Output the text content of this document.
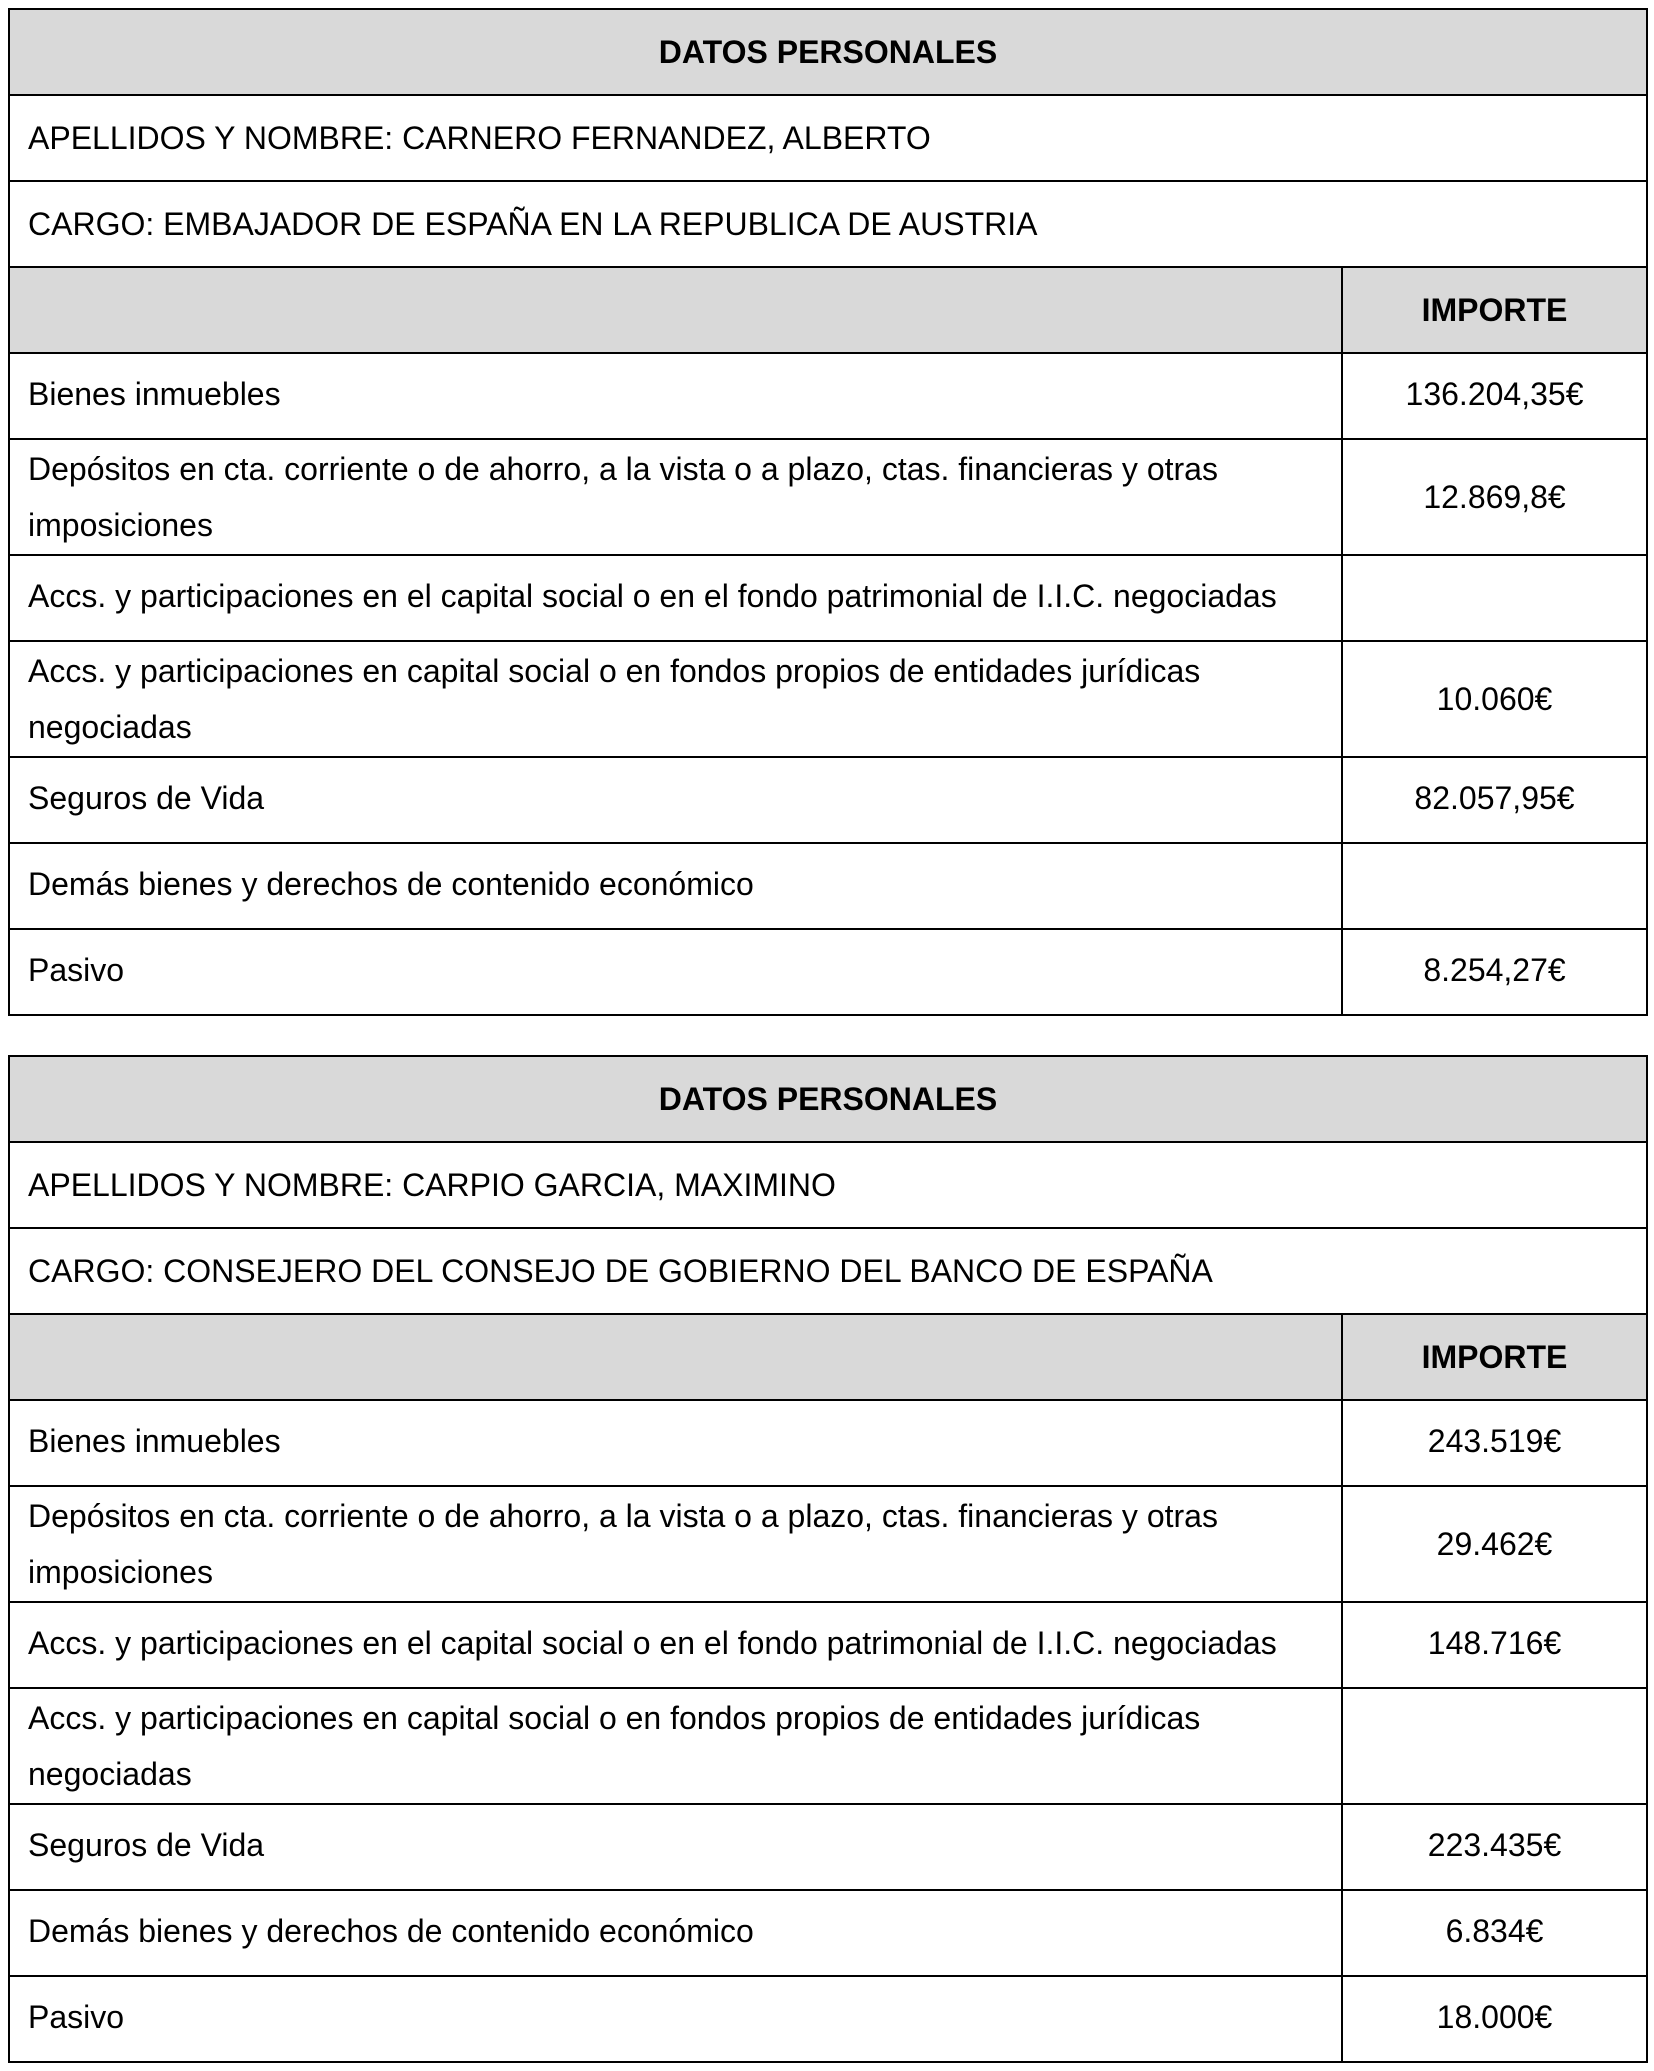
DATOS PERSONALES	
APELLIDOS Y NOMBRE: CARNERO FERNANDEZ, ALBERTO	
CARGO: EMBAJADOR DE ESPAÑA EN LA REPUBLICA DE AUSTRIA	
	IMPORTE
Bienes inmuebles	136.204,35€
Depósitos en cta. corriente o de ahorro, a la vista o a plazo, ctas. financieras y otras imposiciones	12.869,8€
Accs. y participaciones en el capital social o en el fondo patrimonial de I.I.C. negociadas	
Accs. y participaciones en capital social o en fondos propios de entidades jurídicas negociadas	10.060€
Seguros de Vida	82.057,95€
Demás bienes y derechos de contenido económico	
Pasivo	8.254,27€
DATOS PERSONALES	
APELLIDOS Y NOMBRE: CARPIO GARCIA, MAXIMINO	
CARGO: CONSEJERO DEL CONSEJO DE GOBIERNO DEL BANCO DE ESPAÑA	
	IMPORTE
Bienes inmuebles	243.519€
Depósitos en cta. corriente o de ahorro, a la vista o a plazo, ctas. financieras y otras imposiciones	29.462€
Accs. y participaciones en el capital social o en el fondo patrimonial de I.I.C. negociadas	148.716€
Accs. y participaciones en capital social o en fondos propios de entidades jurídicas negociadas	
Seguros de Vida	223.435€
Demás bienes y derechos de contenido económico	6.834€
Pasivo	18.000€
